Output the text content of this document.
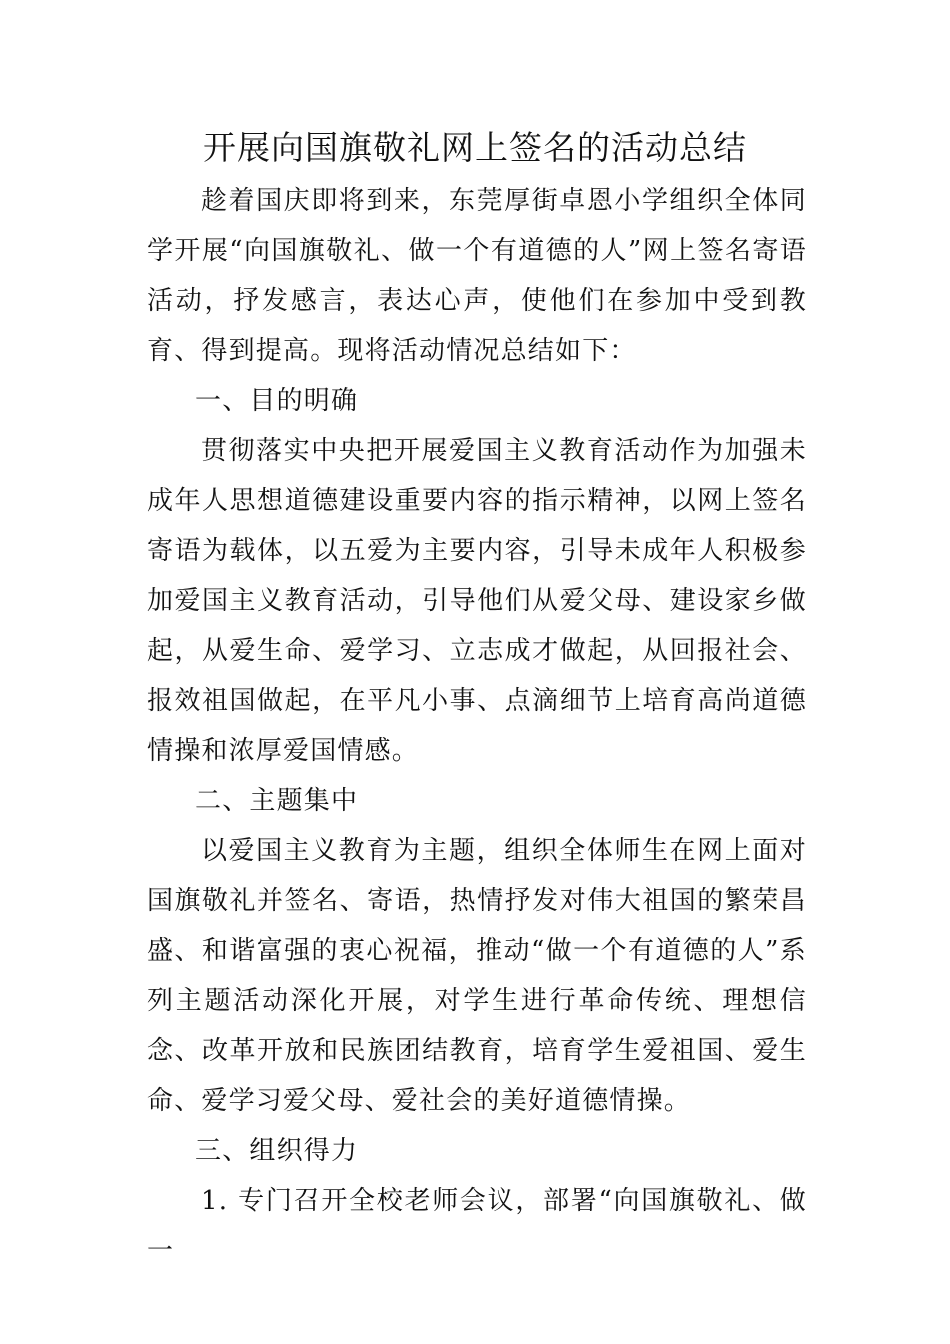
开展向国旗敬礼网上签名的活动总结

趁着国庆即将到来，东莞厚街卓恩小学组织全体同学开展“向国旗敬礼、做一个有道德的人”网上签名寄语活动，抒发感言，表达心声，使他们在参加中受到教育、得到提高。现将活动情况总结如下：

一、目的明确

贯彻落实中央把开展爱国主义教育活动作为加强未成年人思想道德建设重要内容的指示精神，以网上签名寄语为载体，以五爱为主要内容，引导未成年人积极参加爱国主义教育活动，引导他们从爱父母、建设家乡做起，从爱生命、爱学习、立志成才做起，从回报社会、报效祖国做起，在平凡小事、点滴细节上培育高尚道德情操和浓厚爱国情感。

二、主题集中

以爱国主义教育为主题，组织全体师生在网上面对国旗敬礼并签名、寄语，热情抒发对伟大祖国的繁荣昌盛、和谐富强的衷心祝福，推动“做一个有道德的人”系列主题活动深化开展，对学生进行革命传统、理想信念、改革开放和民族团结教育，培育学生爱祖国、爱生命、爱学习爱父母、爱社会的美好道德情操。

三、组织得力

1. 专门召开全校老师会议，部署“向国旗敬礼、做一
